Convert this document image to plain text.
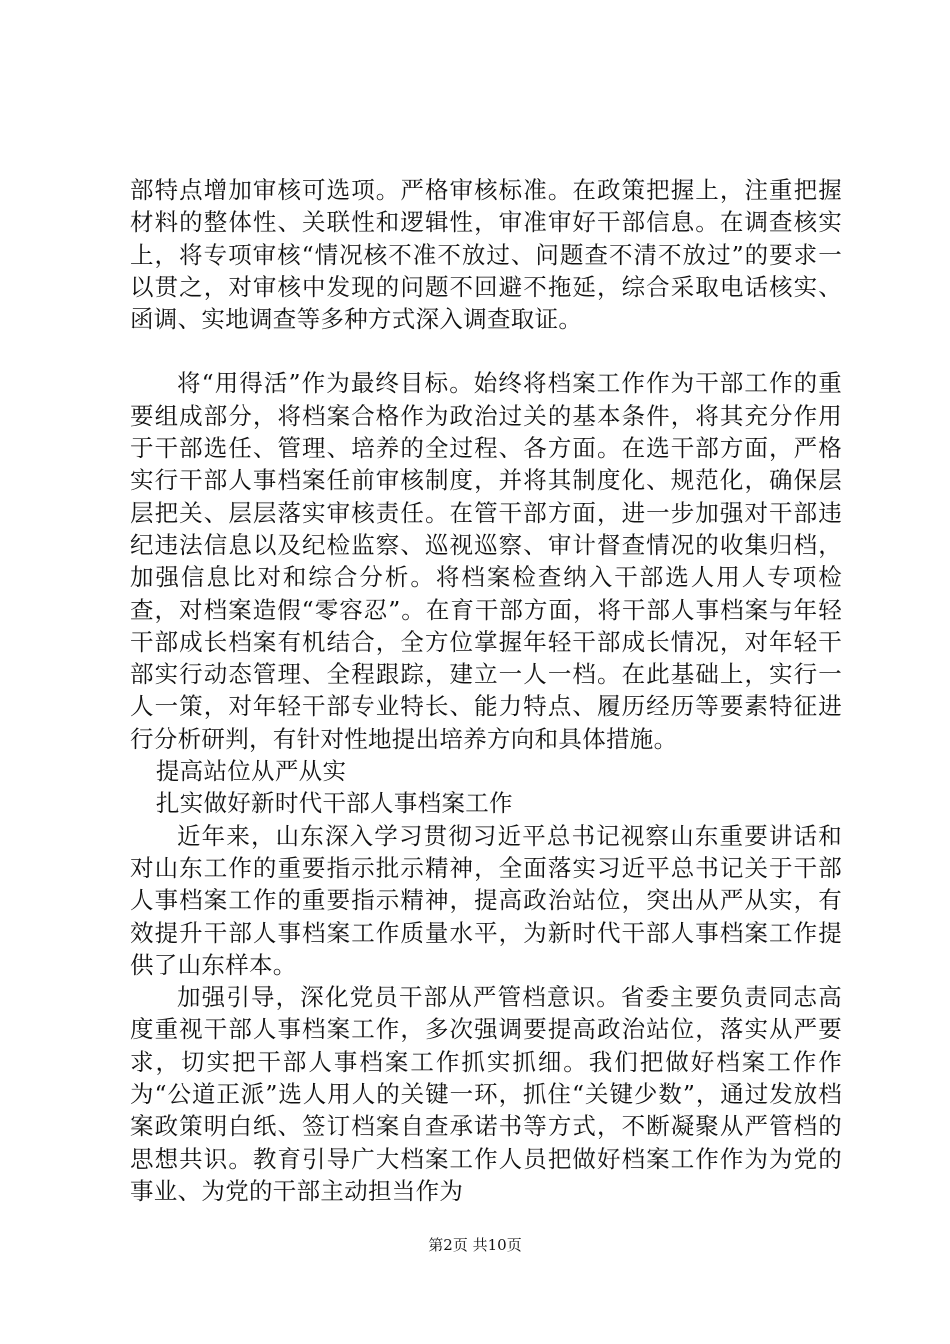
部特点增加审核可选项。严格审核标准。在政策把握上，注重把握材料的整体性、关联性和逻辑性，审准审好干部信息。在调查核实上，将专项审核“情况核不准不放过、问题查不清不放过”的要求一以贯之，对审核中发现的问题不回避不拖延，综合采取电话核实、函调、实地调查等多种方式深入调查取证。

将“用得活”作为最终目标。始终将档案工作作为干部工作的重要组成部分，将档案合格作为政治过关的基本条件，将其充分作用于干部选任、管理、培养的全过程、各方面。在选干部方面，严格实行干部人事档案任前审核制度，并将其制度化、规范化，确保层层把关、层层落实审核责任。在管干部方面，进一步加强对干部违纪违法信息以及纪检监察、巡视巡察、审计督查情况的收集归档，加强信息比对和综合分析。将档案检查纳入干部选人用人专项检查，对档案造假“零容忍”。在育干部方面，将干部人事档案与年轻干部成长档案有机结合，全方位掌握年轻干部成长情况，对年轻干部实行动态管理、全程跟踪，建立一人一档。在此基础上，实行一人一策，对年轻干部专业特长、能力特点、履历经历等要素特征进行分析研判，有针对性地提出培养方向和具体措施。

提高站位从严从实

扎实做好新时代干部人事档案工作

近年来，山东深入学习贯彻习近平总书记视察山东重要讲话和对山东工作的重要指示批示精神，全面落实习近平总书记关于干部人事档案工作的重要指示精神，提高政治站位，突出从严从实，有效提升干部人事档案工作质量水平，为新时代干部人事档案工作提供了山东样本。

加强引导，深化党员干部从严管档意识。省委主要负责同志高度重视干部人事档案工作，多次强调要提高政治站位，落实从严要求，切实把干部人事档案工作抓实抓细。我们把做好档案工作作为“公道正派”选人用人的关键一环，抓住“关键少数”，通过发放档案政策明白纸、签订档案自查承诺书等方式，不断凝聚从严管档的思想共识。教育引导广大档案工作人员把做好档案工作作为为党的事业、为党的干部主动担当作为

第2页 共10页
